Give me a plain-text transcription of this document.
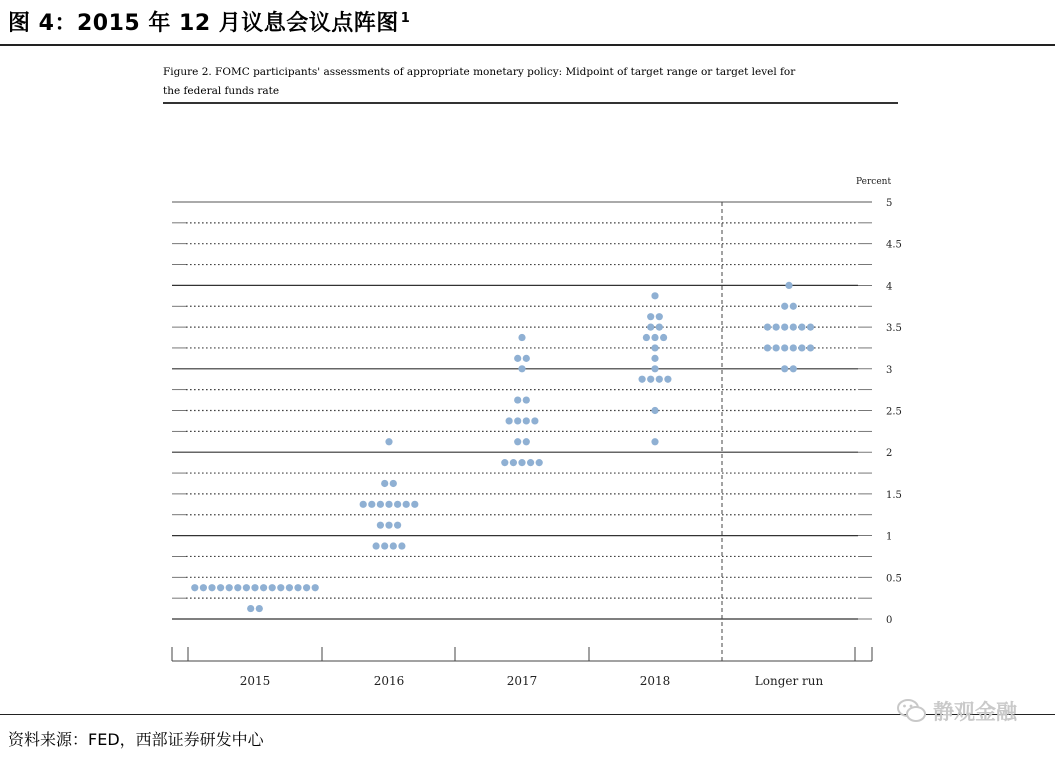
图 4：2015 年 12 月议息会议点阵图 $^1$
Figure 2. FOMC participants' assessments of appropriate monetary policy: Midpoint of target range or target level for
the federal funds rate
5
4.5
4
3.5
3
2.5
2
1.5
1
0.5
0
Percent
2015	2016	2017	2018	Longer run
资料来源：FED，西部证券研发中心
静观金融
